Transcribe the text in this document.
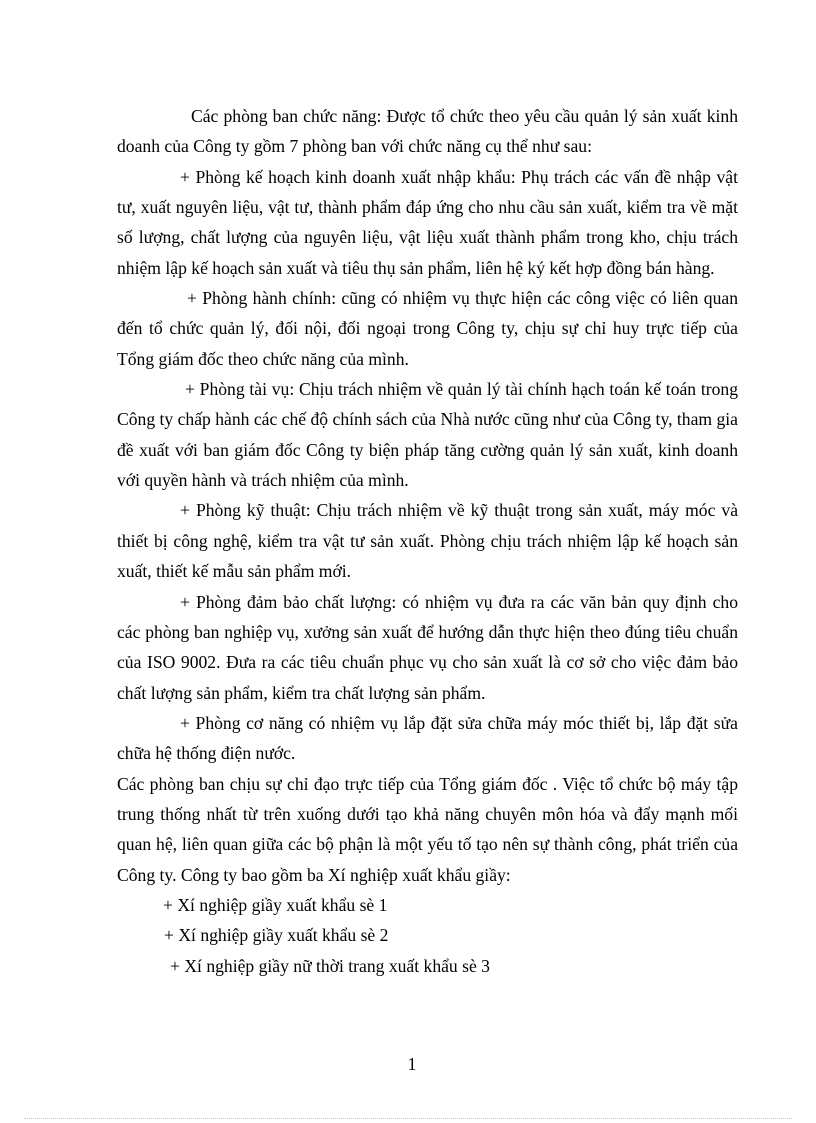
Các phòng ban chức năng: Được tổ chức theo yêu cầu quản lý sản xuất kinh doanh của Công ty gồm 7 phòng ban với chức năng cụ thể như sau:

+ Phòng kế hoạch kinh doanh xuất nhập khẩu: Phụ trách các vấn đề nhập vật tư, xuất nguyên liệu, vật tư, thành phẩm đáp ứng cho nhu cầu sản xuất, kiểm tra về mặt số lượng, chất lượng của nguyên liệu, vật liệu xuất thành phẩm trong kho, chịu trách nhiệm lập kế hoạch sản xuất và tiêu thụ sản phẩm, liên hệ ký kết hợp đồng bán hàng.

+ Phòng hành chính: cũng có nhiệm vụ thực hiện các công việc có liên quan đến tổ chức quản lý, đối nội, đối ngoại trong Công ty, chịu sự chỉ huy trực tiếp của Tổng giám đốc theo chức năng của mình.

+ Phòng tài vụ: Chịu trách nhiệm về quản lý tài chính hạch toán kế toán trong Công ty chấp hành các chế độ chính sách của Nhà nước cũng như của Công ty, tham gia đề xuất với ban giám đốc Công ty biện pháp tăng cường quản lý sản xuất, kinh doanh với quyền hành và trách nhiệm của mình.

+ Phòng kỹ thuật: Chịu trách nhiệm về kỹ thuật trong sản xuất, máy móc và thiết bị công nghệ, kiểm tra vật tư sản xuất. Phòng chịu trách nhiệm lập kế hoạch sản xuất, thiết kế mẫu sản phẩm mới.

+ Phòng đảm bảo chất lượng: có nhiệm vụ đưa ra các văn bản quy định cho các phòng ban nghiệp vụ, xưởng sản xuất để hướng dẫn thực hiện theo đúng tiêu chuẩn của ISO 9002. Đưa ra các tiêu chuẩn phục vụ cho sản xuất là cơ sở cho việc đảm bảo chất lượng sản phẩm, kiểm tra chất lượng sản phẩm.

+ Phòng cơ năng có nhiệm vụ lắp đặt sửa chữa máy móc thiết bị, lắp đặt sửa chữa hệ thống điện nước.

Các phòng ban chịu sự chỉ đạo trực tiếp của Tổng giám đốc . Việc tổ chức bộ máy tập trung thống nhất từ trên xuống dưới tạo khả năng chuyên môn hóa và đẩy mạnh mối quan hệ, liên quan giữa các bộ phận là một yếu tố tạo nên sự thành công, phát triển của Công ty. Công ty bao gồm ba Xí nghiệp xuất khẩu giầy:

+ Xí nghiệp giầy xuất khẩu sè 1

+ Xí nghiệp giầy xuất khẩu sè 2

+ Xí nghiệp giầy nữ thời trang xuất khẩu sè 3

1
